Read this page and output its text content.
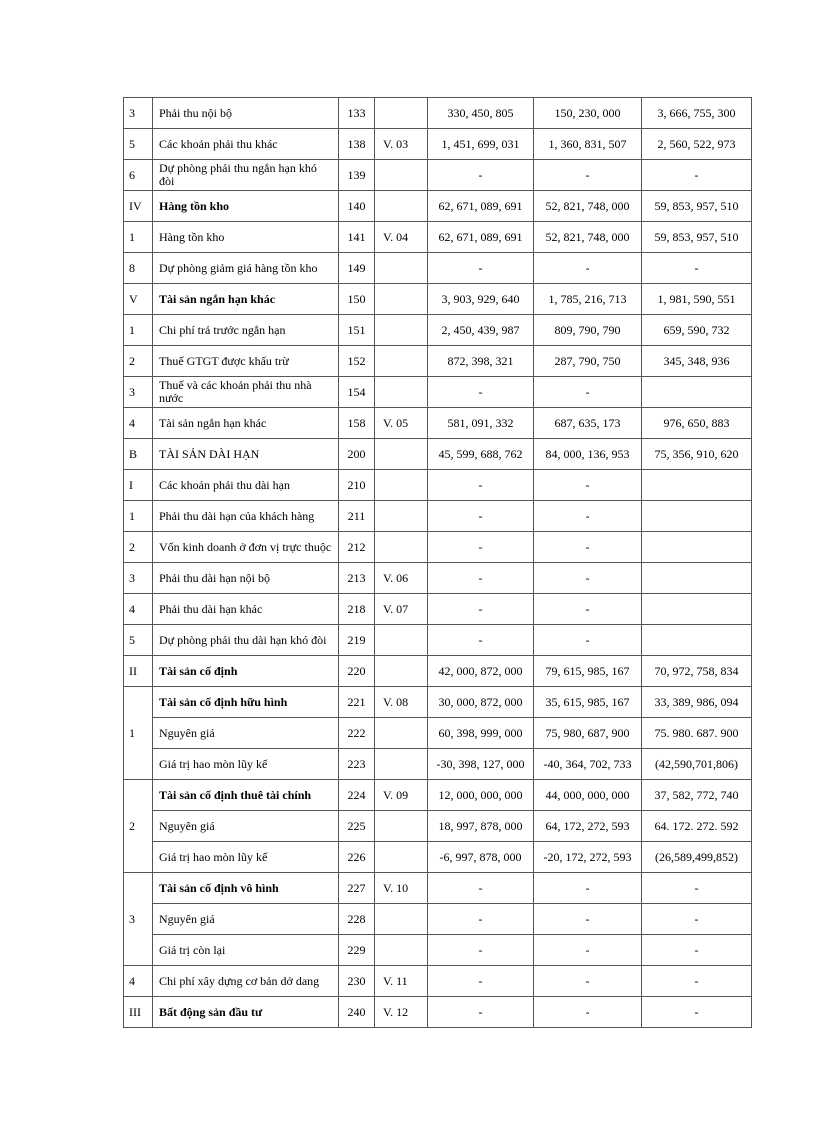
3	Phải thu nội bộ	133		330, 450, 805	150, 230, 000	3, 666, 755, 300
5	Các khoản phải thu khác	138	V. 03	1, 451, 699, 031	1, 360, 831, 507	2, 560, 522, 973
6	Dự phòng phải thu ngắn hạn khó đòi	139		-	-	-
IV	Hàng tồn kho	140		62, 671, 089, 691	52, 821, 748, 000	59, 853, 957, 510
1	Hàng tồn kho	141	V. 04	62, 671, 089, 691	52, 821, 748, 000	59, 853, 957, 510
8	Dự phòng giảm giá hàng tồn kho	149		-	-	-
V	Tài sản ngắn hạn khác	150		3, 903, 929, 640	1, 785, 216, 713	1, 981, 590, 551
1	Chi phí trả trước ngắn hạn	151		2, 450, 439, 987	809, 790, 790	659, 590, 732
2	Thuế GTGT được khấu trừ	152		872, 398, 321	287, 790, 750	345, 348, 936
3	Thuế và các khoản phải thu nhà nước	154		-	-	
4	Tài sản ngắn hạn khác	158	V. 05	581, 091, 332	687, 635, 173	976, 650, 883
B	TÀI SẢN DÀI HẠN	200		45, 599, 688, 762	84, 000, 136, 953	75, 356, 910, 620
I	Các khoản phải thu dài hạn	210		-	-	
1	Phải thu dài hạn của khách hàng	211		-	-	
2	Vốn kinh doanh ở đơn vị trực thuộc	212		-	-	
3	Phải thu dài hạn nội bộ	213	V. 06	-	-	
4	Phải thu dài hạn khác	218	V. 07	-	-	
5	Dự phòng phải thu dài hạn khó đòi	219		-	-	
II	Tài sản cố định	220		42, 000, 872, 000	79, 615, 985, 167	70, 972, 758, 834
1	Tài sản cố định hữu hình	221	V. 08	30, 000, 872, 000	35, 615, 985, 167	33, 389, 986, 094
	Nguyên giá	222		60, 398, 999, 000	75, 980, 687, 900	75. 980. 687. 900
	Giá trị hao mòn lũy kế	223		-30, 398, 127, 000	-40, 364, 702, 733	(42,590,701,806)
2	Tài sản cố định thuê tài chính	224	V. 09	12, 000, 000, 000	44, 000, 000, 000	37, 582, 772, 740
	Nguyên giá	225		18, 997, 878, 000	64, 172, 272, 593	64. 172. 272. 592
	Giá trị hao mòn lũy kế	226		-6, 997, 878, 000	-20, 172, 272, 593	(26,589,499,852)
3	Tài sản cố định vô hình	227	V. 10	-	-	-
	Nguyên giá	228		-	-	-
	Giá trị còn lại	229		-	-	-
4	Chi phí xây dựng cơ bản dở dang	230	V. 11	-	-	-
III	Bất động sản đầu tư	240	V. 12	-	-	-
